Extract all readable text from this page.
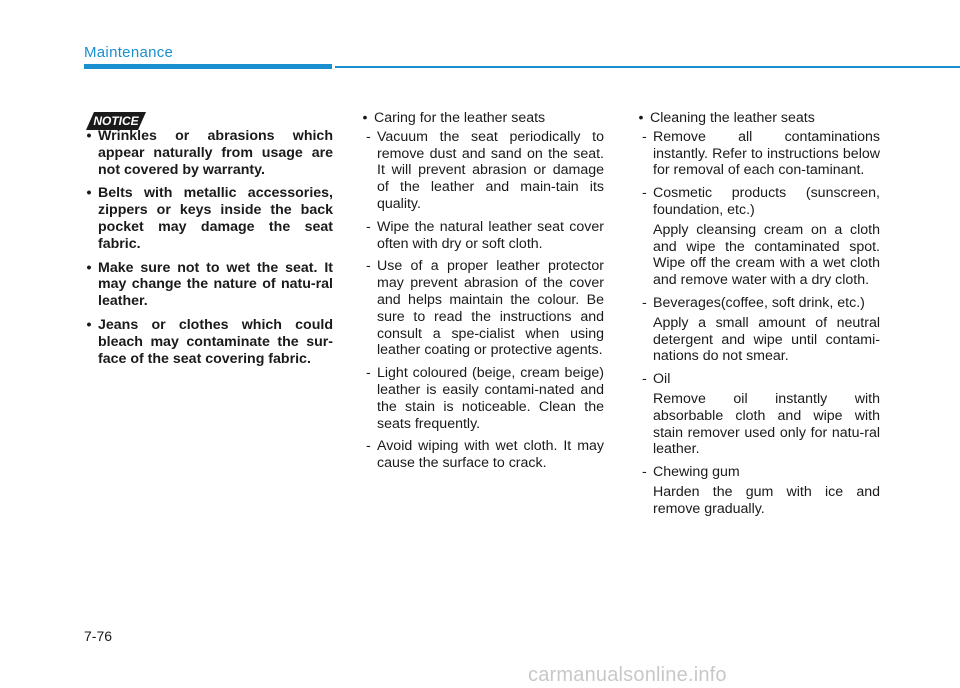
Maintenance
NOTICE
• Wrinkles or abrasions which appear naturally from usage are not covered by warranty.
• Belts with metallic accessories, zippers or keys inside the back pocket may damage the seat fabric.
• Make sure not to wet the seat. It may change the nature of natu-ral leather.
• Jeans or clothes which could bleach may contaminate the sur-face of the seat covering fabric.
• Caring for the leather seats
- Vacuum the seat periodically to remove dust and sand on the seat. It will prevent abrasion or damage of the leather and main-tain its quality.
- Wipe the natural leather seat cover often with dry or soft cloth.
- Use of a proper leather protector may prevent abrasion of the cover and helps maintain the colour. Be sure to read the instructions and consult a spe-cialist when using leather coating or protective agents.
- Light coloured (beige, cream beige) leather is easily contami-nated and the stain is noticeable. Clean the seats frequently.
- Avoid wiping with wet cloth. It may cause the surface to crack.
• Cleaning the leather seats
- Remove all contaminations instantly. Refer to instructions below for removal of each con-taminant.
- Cosmetic products (sunscreen, foundation, etc.)
Apply cleansing cream on a cloth and wipe the contaminated spot. Wipe off the cream with a wet cloth and remove water with a dry cloth.
- Beverages(coffee, soft drink, etc.)
Apply a small amount of neutral detergent and wipe until contami-nations do not smear.
- Oil
Remove oil instantly with absorbable cloth and wipe with stain remover used only for natu-ral leather.
- Chewing gum
Harden the gum with ice and remove gradually.
7-76
carmanualsonline.info
